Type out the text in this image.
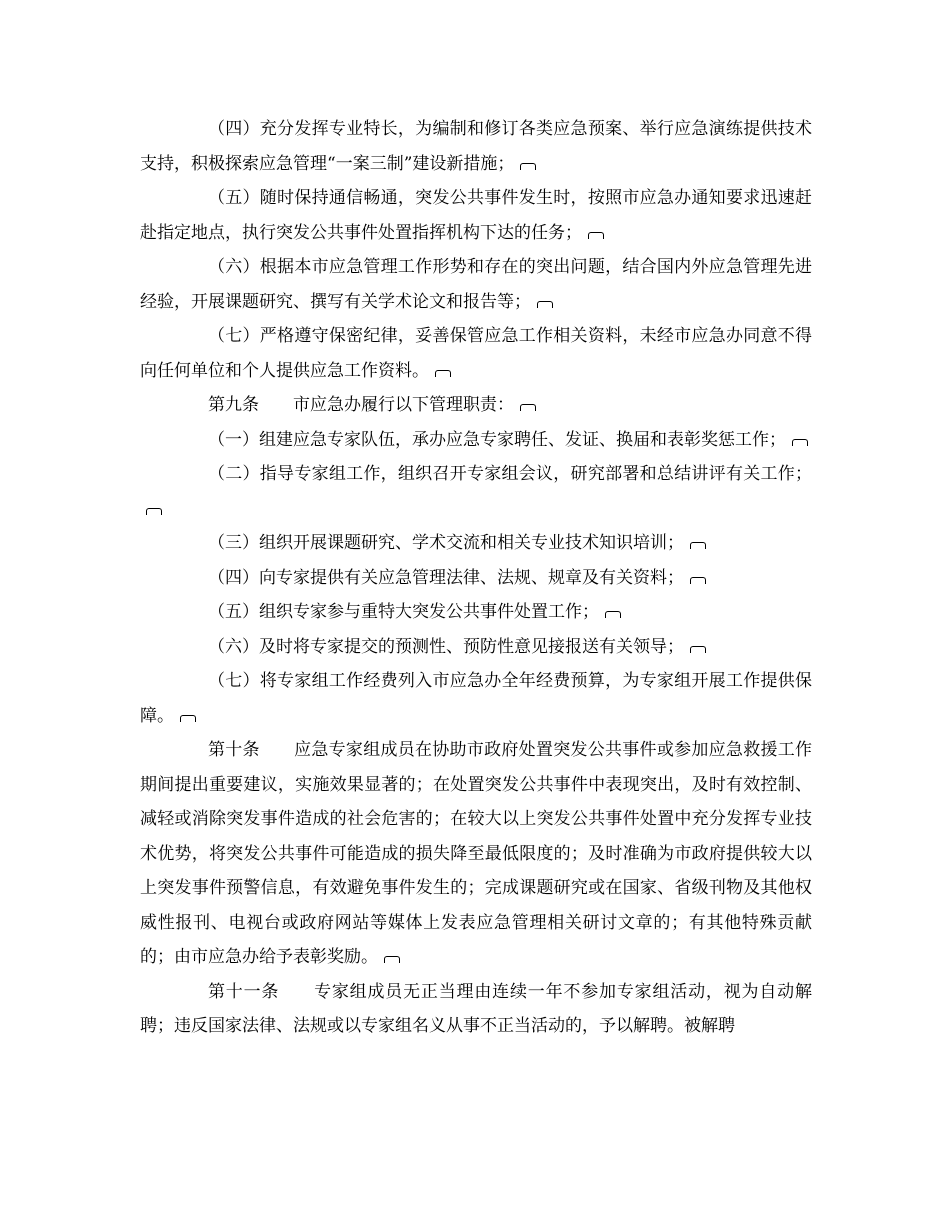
（四）充分发挥专业特长，为编制和修订各类应急预案、举行应急演练提供技术支持，积极探索应急管理“一案三制”建设新措施；

（五）随时保持通信畅通，突发公共事件发生时，按照市应急办通知要求迅速赶赴指定地点，执行突发公共事件处置指挥机构下达的任务；

（六）根据本市应急管理工作形势和存在的突出问题，结合国内外应急管理先进经验，开展课题研究、撰写有关学术论文和报告等；

（七）严格遵守保密纪律，妥善保管应急工作相关资料，未经市应急办同意不得向任何单位和个人提供应急工作资料。

第九条 市应急办履行以下管理职责：

（一）组建应急专家队伍，承办应急专家聘任、发证、换届和表彰奖惩工作；

（二）指导专家组工作，组织召开专家组会议，研究部署和总结讲评有关工作；

（三）组织开展课题研究、学术交流和相关专业技术知识培训；

（四）向专家提供有关应急管理法律、法规、规章及有关资料；

（五）组织专家参与重特大突发公共事件处置工作；

（六）及时将专家提交的预测性、预防性意见接报送有关领导；

（七）将专家组工作经费列入市应急办全年经费预算，为专家组开展工作提供保障。

第十条 应急专家组成员在协助市政府处置突发公共事件或参加应急救援工作期间提出重要建议，实施效果显著的；在处置突发公共事件中表现突出，及时有效控制、减轻或消除突发事件造成的社会危害的；在较大以上突发公共事件处置中充分发挥专业技术优势，将突发公共事件可能造成的损失降至最低限度的；及时准确为市政府提供较大以上突发事件预警信息，有效避免事件发生的；完成课题研究或在国家、省级刊物及其他权威性报刊、电视台或政府网站等媒体上发表应急管理相关研讨文章的；有其他特殊贡献的；由市应急办给予表彰奖励。

第十一条 专家组成员无正当理由连续一年不参加专家组活动，视为自动解聘；违反国家法律、法规或以专家组名义从事不正当活动的，予以解聘。被解聘
